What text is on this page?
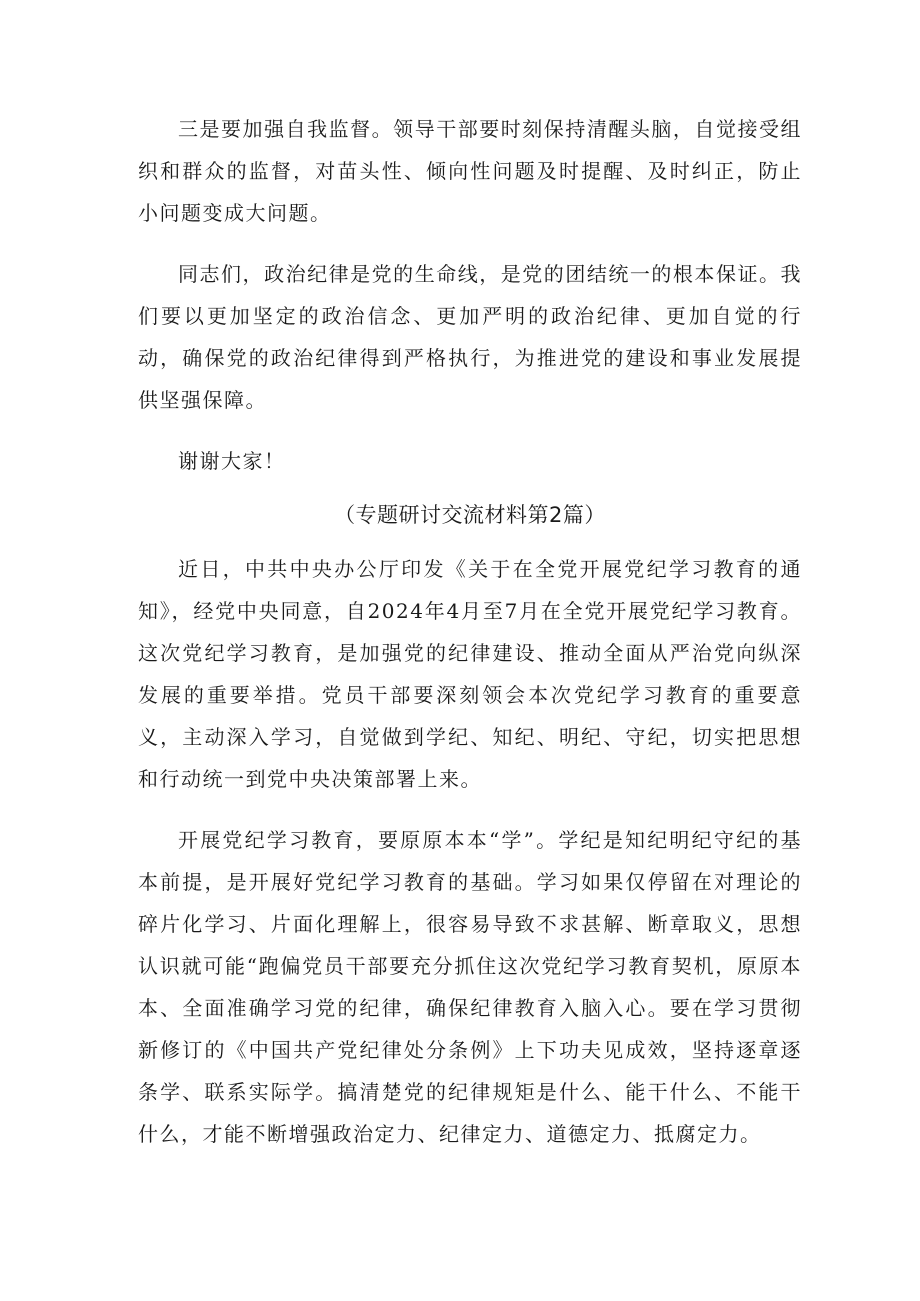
三是要加强自我监督。领导干部要时刻保持清醒头脑，自觉接受组织和群众的监督，对苗头性、倾向性问题及时提醒、及时纠正，防止小问题变成大问题。

同志们，政治纪律是党的生命线，是党的团结统一的根本保证。我们要以更加坚定的政治信念、更加严明的政治纪律、更加自觉的行动，确保党的政治纪律得到严格执行，为推进党的建设和事业发展提供坚强保障。

谢谢大家！

（专题研讨交流材料第2篇）

近日，中共中央办公厅印发《关于在全党开展党纪学习教育的通知》，经党中央同意，自2024年4月至7月在全党开展党纪学习教育。这次党纪学习教育，是加强党的纪律建设、推动全面从严治党向纵深发展的重要举措。党员干部要深刻领会本次党纪学习教育的重要意义，主动深入学习，自觉做到学纪、知纪、明纪、守纪，切实把思想和行动统一到党中央决策部署上来。

开展党纪学习教育，要原原本本“学”。学纪是知纪明纪守纪的基本前提，是开展好党纪学习教育的基础。学习如果仅停留在对理论的碎片化学习、片面化理解上，很容易导致不求甚解、断章取义，思想认识就可能“跑偏党员干部要充分抓住这次党纪学习教育契机，原原本本、全面准确学习党的纪律，确保纪律教育入脑入心。要在学习贯彻新修订的《中国共产党纪律处分条例》上下功夫见成效，坚持逐章逐条学、联系实际学。搞清楚党的纪律规矩是什么、能干什么、不能干什么，才能不断增强政治定力、纪律定力、道德定力、抵腐定力。
